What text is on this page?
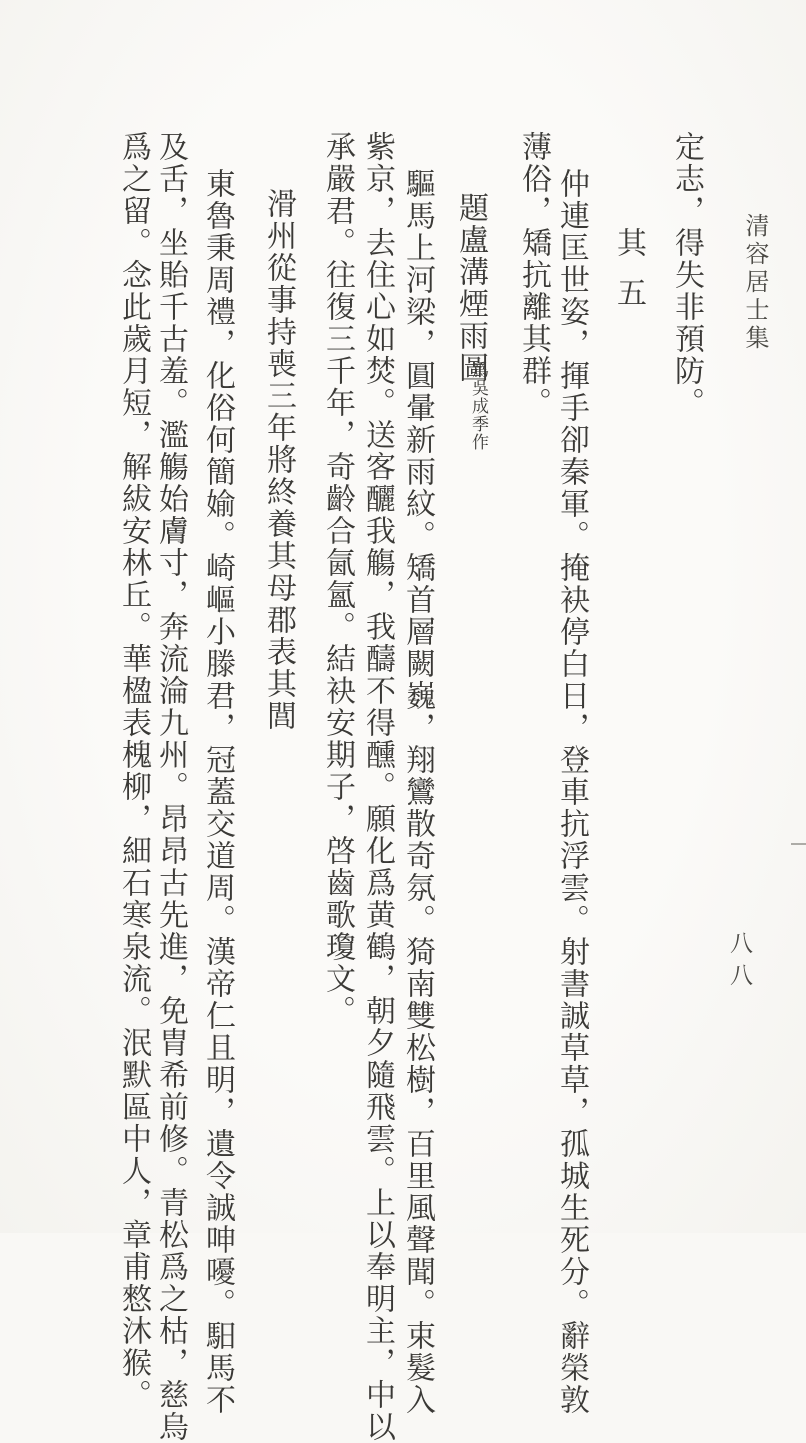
清容居士集
定志，得失非預防。
其五
仲連匡世姿，揮手卻秦軍。掩袂停白日，登車抗浮雲。射書誠草草，孤城生死分。辭榮敦
薄俗，矯抗離其群。
題盧溝煙雨圖
爲吳成季作
驅馬上河梁，圓暈新雨紋。矯首層闕巍，翔鸞散奇氛。猗南雙松樹，百里風聲聞。束髮入
紫京，去住心如焚。送客釃我觴，我醻不得醺。願化爲黄鶴，朝夕隨飛雲。上以奉明主，中以
承嚴君。往復三千年，奇齡合氤氳。結袂安期子，啓齒歌瓊文。
滑州從事持喪三年將終養其母郡表其閭
東魯秉周禮，化俗何簡媮。崎嶇小滕君，冠蓋交道周。漢帝仁且明，遺令誠呻嚘。馹馬不
及舌，坐貽千古羞。濫觴始膚寸，奔流淪九州。昂昂古先進，免胄希前修。青松爲之枯，慈烏
爲之留。念此歲月短，解紱安林丘。華楹表槐柳，細石寒泉流。泯默區中人，章甫憗沐猴。	八八
